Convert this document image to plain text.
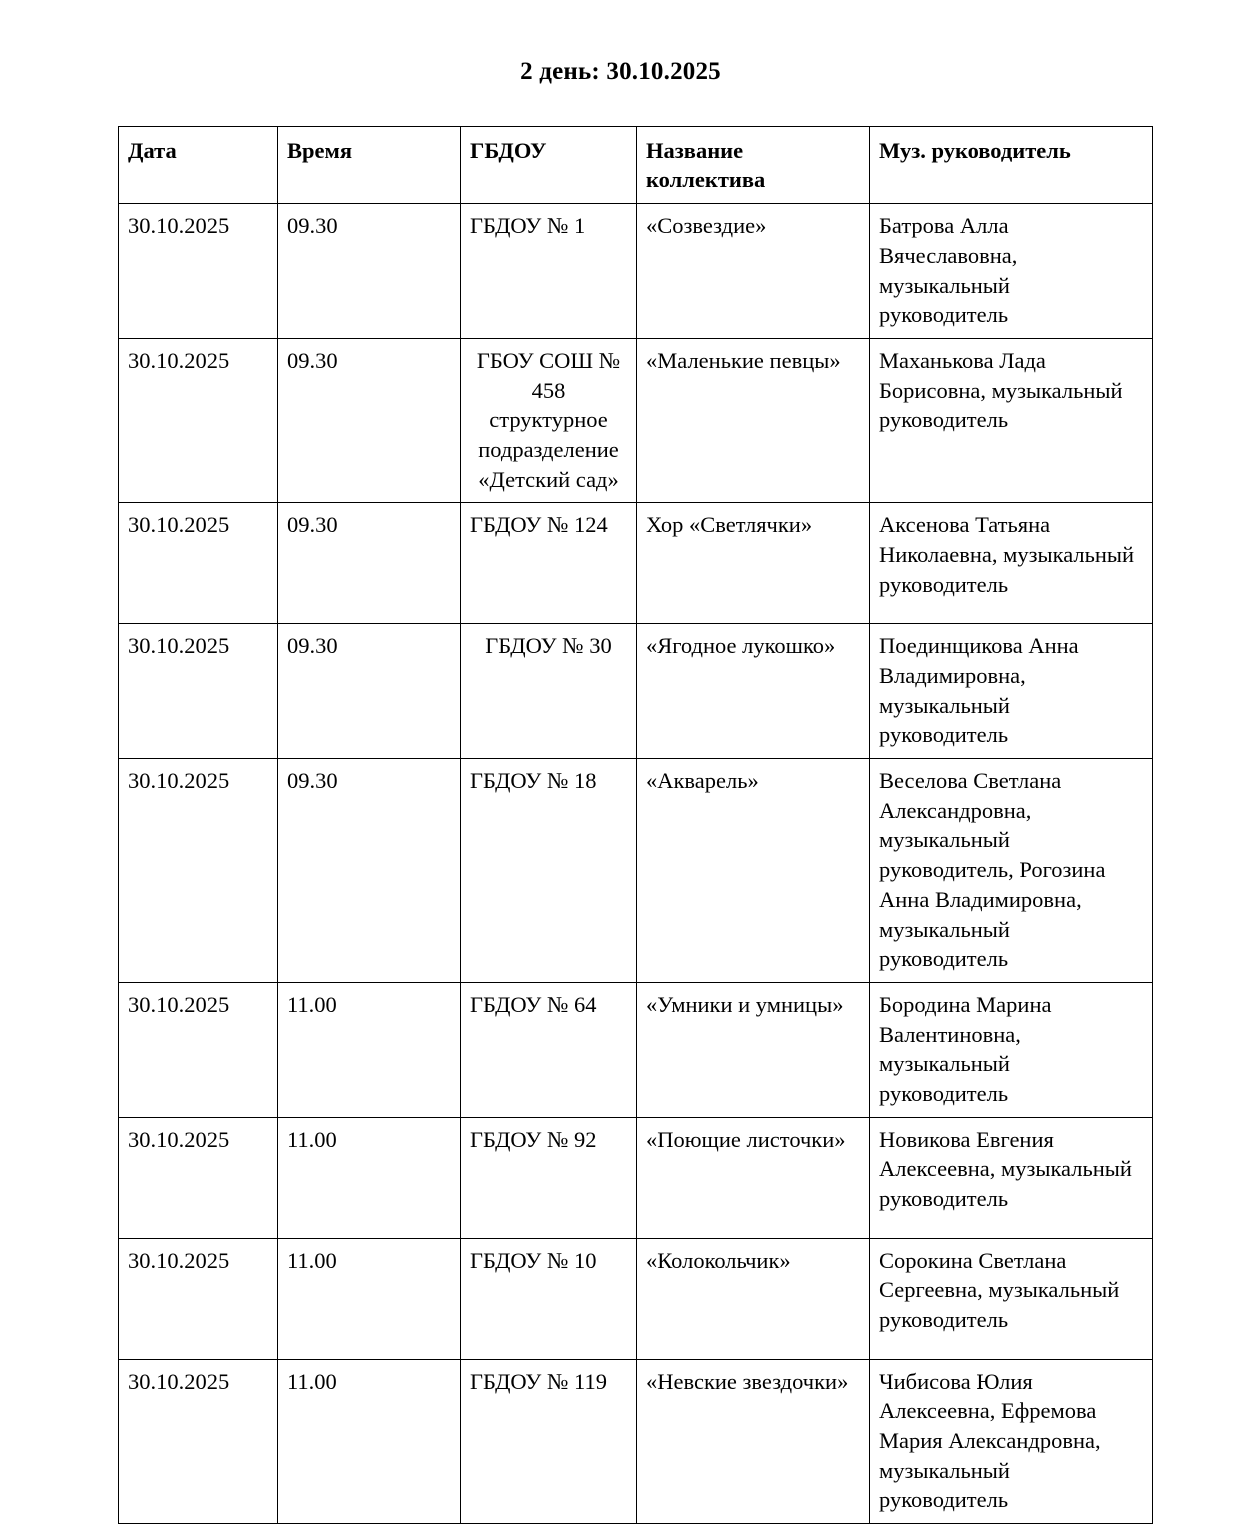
2 день: 30.10.2025
Дата	Время	ГБДОУ	Название коллектива	Муз. руководитель
30.10.2025	09.30	ГБДОУ № 1	«Созвездие»	Батрова Алла Вячеславовна, музыкальный руководитель
30.10.2025	09.30	ГБОУ СОШ № 458 структурное подразделение «Детский сад»	«Маленькие певцы»	Маханькова Лада Борисовна, музыкальный руководитель
30.10.2025	09.30	ГБДОУ № 124	Хор «Светлячки»	Аксенова Татьяна Николаевна, музыкальный руководитель
30.10.2025	09.30	ГБДОУ № 30	«Ягодное лукошко»	Поединщикова Анна Владимировна, музыкальный руководитель
30.10.2025	09.30	ГБДОУ № 18	«Акварель»	Веселова Светлана Александровна, музыкальный руководитель, Рогозина Анна Владимировна, музыкальный руководитель
30.10.2025	11.00	ГБДОУ № 64	«Умники и умницы»	Бородина Марина Валентиновна, музыкальный руководитель
30.10.2025	11.00	ГБДОУ № 92	«Поющие листочки»	Новикова Евгения Алексеевна, музыкальный руководитель
30.10.2025	11.00	ГБДОУ № 10	«Колокольчик»	Сорокина Светлана Сергеевна, музыкальный руководитель
30.10.2025	11.00	ГБДОУ № 119	«Невские звездочки»	Чибисова Юлия Алексеевна, Ефремова Мария Александровна, музыкальный руководитель
